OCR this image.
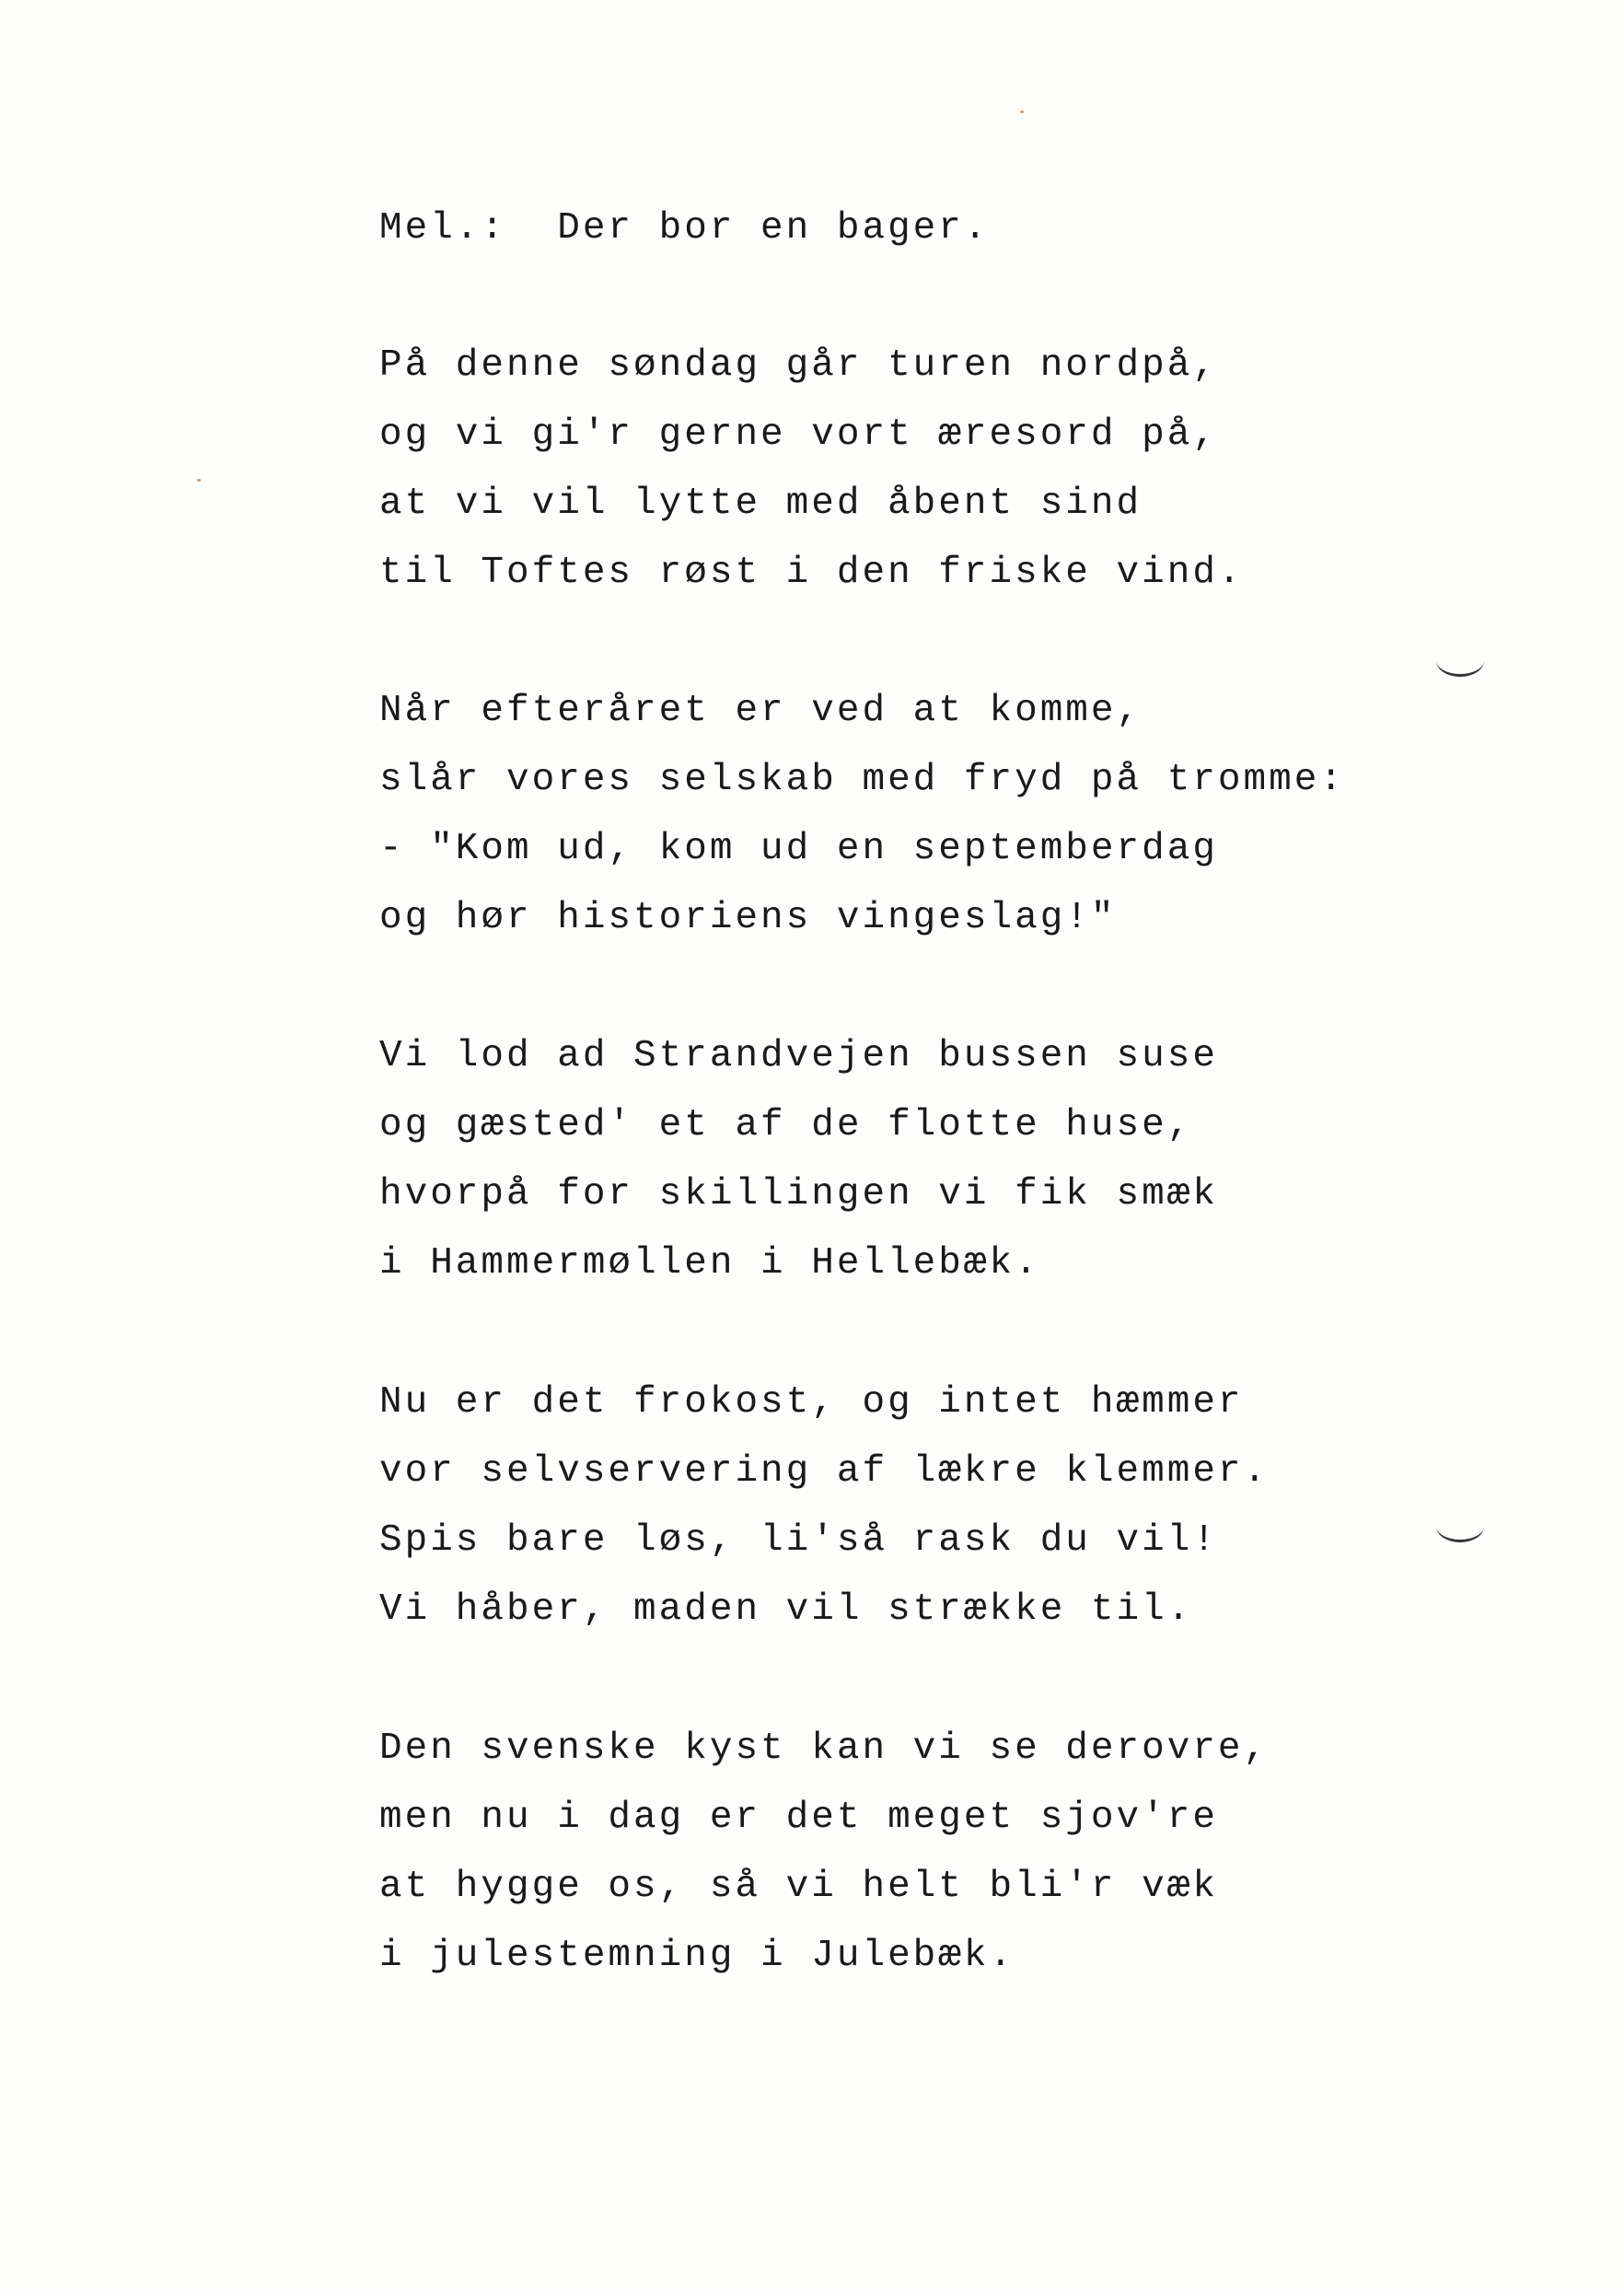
Mel.:  Der bor en bager.

På denne søndag går turen nordpå,
og vi gi'r gerne vort æresord på,
at vi vil lytte med åbent sind
til Toftes røst i den friske vind.
Når efteråret er ved at komme,
slår vores selskab med fryd på tromme:
- "Kom ud, kom ud en septemberdag
og hør historiens vingeslag!"
Vi lod ad Strandvejen bussen suse
og gæsted' et af de flotte huse,
hvorpå for skillingen vi fik smæk
i Hammermøllen i Hellebæk.
Nu er det frokost, og intet hæmmer
vor selvservering af lækre klemmer.
Spis bare løs, li'så rask du vil!
Vi håber, maden vil strække til.
Den svenske kyst kan vi se derovre,
men nu i dag er det meget sjov're
at hygge os, så vi helt bli'r væk
i julestemning i Julebæk.
